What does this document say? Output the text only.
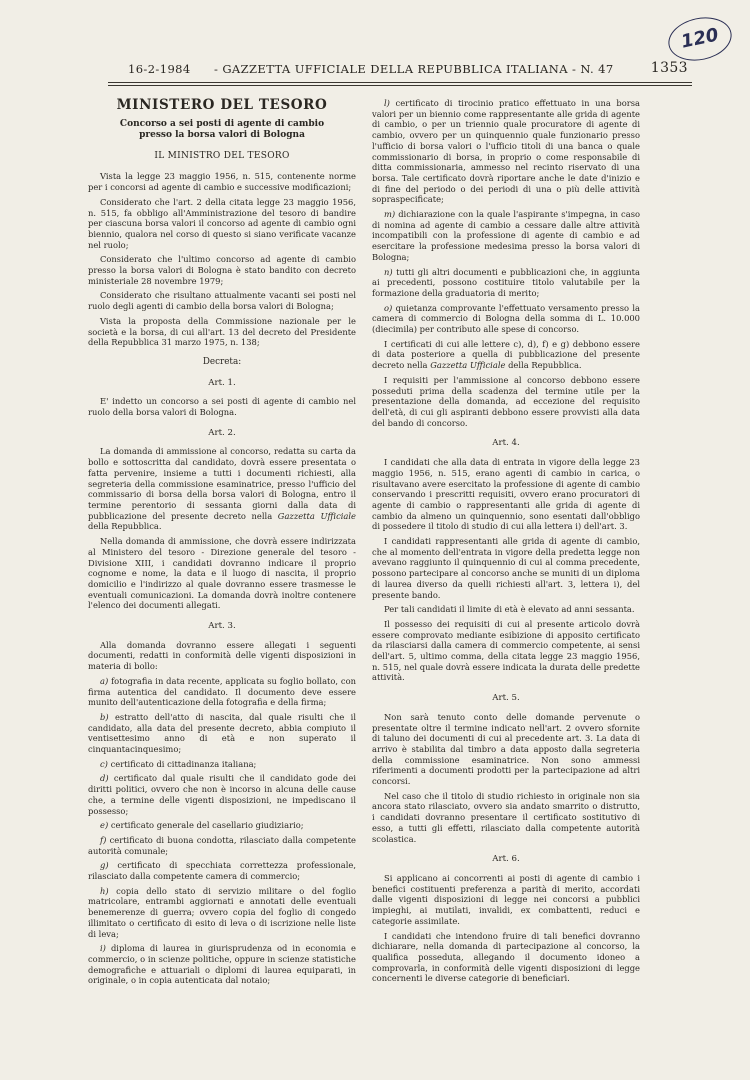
120
16-2-1984 - GAZZETTA UFFICIALE DELLA REPUBBLICA ITALIANA - N. 47	1353
MINISTERO DEL TESORO
Concorso a sei posti di agente di cambio
presso la borsa valori di Bologna
IL MINISTRO DEL TESORO

Vista la legge 23 maggio 1956, n. 515, contenente norme per i concorsi ad agente di cambio e successive modificazioni;

Considerato che l'art. 2 della citata legge 23 maggio 1956, n. 515, fa obbligo all'Amministrazione del tesoro di bandire per ciascuna borsa valori il concorso ad agente di cambio ogni biennio, qualora nel corso di questo si siano verificate vacanze nel ruolo;

Considerato che l'ultimo concorso ad agente di cambio presso la borsa valori di Bologna è stato bandito con decreto ministeriale 28 novembre 1979;

Considerato che risultano attualmente vacanti sei posti nel ruolo degli agenti di cambio della borsa valori di Bologna;

Vista la proposta della Commissione nazionale per le società e la borsa, di cui all'art. 13 del decreto del Presidente della Repubblica 31 marzo 1975, n. 138;

Decreta:
Art. 1.

E' indetto un concorso a sei posti di agente di cambio nel ruolo della borsa valori di Bologna.

Art. 2.

La domanda di ammissione al concorso, redatta su carta da bollo e sottoscritta dal candidato, dovrà essere presentata o fatta pervenire, insieme a tutti i documenti richiesti, alla segreteria della commissione esaminatrice, presso l'ufficio del commissario di borsa della borsa valori di Bologna, entro il termine perentorio di sessanta giorni dalla data di pubblicazione del presente decreto nella Gazzetta Ufficiale della Repubblica.

Nella domanda di ammissione, che dovrà essere indirizzata al Ministero del tesoro - Direzione generale del tesoro - Divisione XIII, i candidati dovranno indicare il proprio cognome e nome, la data e il luogo di nascita, il proprio domicilio e l'indirizzo al quale dovranno essere trasmesse le eventuali comunicazioni. La domanda dovrà inoltre contenere l'elenco dei documenti allegati.

Art. 3.

Alla domanda dovranno essere allegati i seguenti documenti, redatti in conformità delle vigenti disposizioni in materia di bollo:

a) fotografia in data recente, applicata su foglio bollato, con firma autentica del candidato. Il documento deve essere munito dell'autenticazione della fotografia e della firma;

b) estratto dell'atto di nascita, dal quale risulti che il candidato, alla data del presente decreto, abbia compiuto il ventisettesimo anno di età e non superato il cinquantacinquesimo;

c) certificato di cittadinanza italiana;

d) certificato dal quale risulti che il candidato gode dei diritti politici, ovvero che non è incorso in alcuna delle cause che, a termine delle vigenti disposizioni, ne impediscano il possesso;

e) certificato generale del casellario giudiziario;

f) certificato di buona condotta, rilasciato dalla competente autorità comunale;

g) certificato di specchiata correttezza professionale, rilasciato dalla competente camera di commercio;

h) copia dello stato di servizio militare o del foglio matricolare, entrambi aggiornati e annotati delle eventuali benemerenze di guerra; ovvero copia del foglio di congedo illimitato o certificato di esito di leva o di iscrizione nelle liste di leva;

i) diploma di laurea in giurisprudenza od in economia e commercio, o in scienze politiche, oppure in scienze statistiche demografiche e attuariali o diplomi di laurea equiparati, in originale, o in copia autenticata dal notaio;

l) certificato di tirocinio pratico effettuato in una borsa valori per un biennio come rappresentante alle grida di agente di cambio, o per un triennio quale procuratore di agente di cambio, ovvero per un quinquennio quale funzionario presso l'ufficio di borsa valori o l'ufficio titoli di una banca o quale commissionario di borsa, in proprio o come responsabile di ditta commissionaria, ammesso nel recinto riservato di una borsa. Tale certificato dovrà riportare anche le date d'inizio e di fine del periodo o dei periodi di una o più delle attività sopraspecificate;

m) dichiarazione con la quale l'aspirante s'impegna, in caso di nomina ad agente di cambio a cessare dalle altre attività incompatibili con la professione di agente di cambio e ad esercitare la professione medesima presso la borsa valori di Bologna;

n) tutti gli altri documenti e pubblicazioni che, in aggiunta ai precedenti, possono costituire titolo valutabile per la formazione della graduatoria di merito;

o) quietanza comprovante l'effettuato versamento presso la camera di commercio di Bologna della somma di L. 10.000 (diecimila) per contributo alle spese di concorso.

I certificati di cui alle lettere c), d), f) e g) debbono essere di data posteriore a quella di pubblicazione del presente decreto nella Gazzetta Ufficiale della Repubblica.

I requisiti per l'ammissione al concorso debbono essere posseduti prima della scadenza del termine utile per la presentazione della domanda, ad eccezione del requisito dell'età, di cui gli aspiranti debbono essere provvisti alla data del bando di concorso.

Art. 4.

I candidati che alla data di entrata in vigore della legge 23 maggio 1956, n. 515, erano agenti di cambio in carica, o risultavano avere esercitato la professione di agente di cambio conservando i prescritti requisiti, ovvero erano procuratori di agente di cambio o rappresentanti alle grida di agente di cambio da almeno un quinquennio, sono esentati dall'obbligo di possedere il titolo di studio di cui alla lettera i) dell'art. 3.

I candidati rappresentanti alle grida di agente di cambio, che al momento dell'entrata in vigore della predetta legge non avevano raggiunto il quinquennio di cui al comma precedente, possono partecipare al concorso anche se muniti di un diploma di laurea diverso da quelli richiesti all'art. 3, lettera i), del presente bando.

Per tali candidati il limite di età è elevato ad anni sessanta.

Il possesso dei requisiti di cui al presente articolo dovrà essere comprovato mediante esibizione di apposito certificato da rilasciarsi dalla camera di commercio competente, ai sensi dell'art. 5, ultimo comma, della citata legge 23 maggio 1956, n. 515, nel quale dovrà essere indicata la durata delle predette attività.

Art. 5.

Non sarà tenuto conto delle domande pervenute o presentate oltre il termine indicato nell'art. 2 ovvero sfornite di taluno dei documenti di cui al precedente art. 3. La data di arrivo è stabilita dal timbro a data apposto dalla segreteria della commissione esaminatrice. Non sono ammessi riferimenti a documenti prodotti per la partecipazione ad altri concorsi.

Nel caso che il titolo di studio richiesto in originale non sia ancora stato rilasciato, ovvero sia andato smarrito o distrutto, i candidati dovranno presentare il certificato sostitutivo di esso, a tutti gli effetti, rilasciato dalla competente autorità scolastica.

Art. 6.

Si applicano ai concorrenti ai posti di agente di cambio i benefici costituenti preferenza a parità di merito, accordati dalle vigenti disposizioni di legge nei concorsi a pubblici impieghi, ai mutilati, invalidi, ex combattenti, reduci e categorie assimilate.

I candidati che intendono fruire di tali benefici dovranno dichiarare, nella domanda di partecipazione al concorso, la qualifica posseduta, allegando il documento idoneo a comprovarla, in conformità delle vigenti disposizioni di legge concernenti le diverse categorie di beneficiari.
